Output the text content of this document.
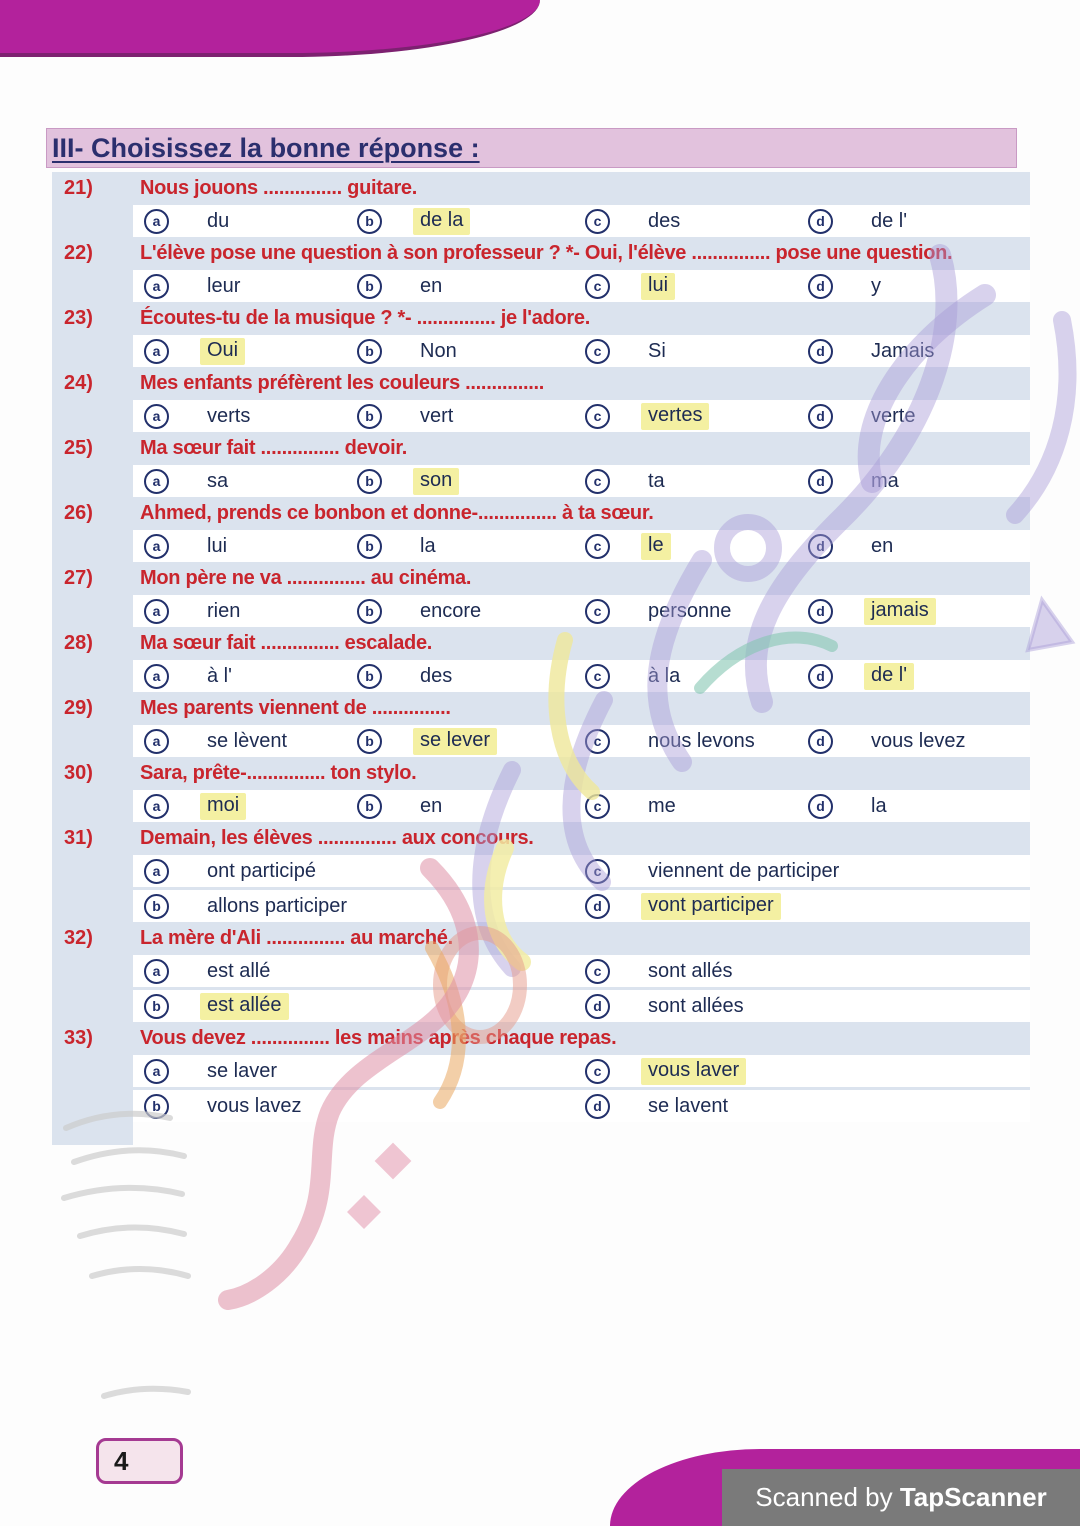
III- Choisissez la bonne réponse :
21)	Nous jouons ............... guitare.
a	du	b	de la	c	des	d	de l'
22)	L'élève pose une question à son professeur ? *- Oui, l'élève ............... pose une question.
a	leur	b	en	c	lui	d	y
23)	Écoutes-tu de la musique ? *- ............... je l'adore.
a	Oui	b	Non	c	Si	d	Jamais
24)	Mes enfants préfèrent les couleurs ...............
a	verts	b	vert	c	vertes	d	verte
25)	Ma sœur fait ............... devoir.
a	sa	b	son	c	ta	d	ma
26)	Ahmed, prends ce bonbon et donne-............... à ta sœur.
a	lui	b	la	c	le	d	en
27)	Mon père ne va ............... au cinéma.
a	rien	b	encore	c	personne	d	jamais
28)	Ma sœur fait ............... escalade.
a	à l'	b	des	c	à la	d	de l'
29)	Mes parents viennent de ...............
a	se lèvent	b	se lever	c	nous levons	d	vous levez
30)	Sara, prête-............... ton stylo.
a	moi	b	en	c	me	d	la
31)	Demain, les élèves ............... aux concours.
a	ont participé	c	viennent de participer
b	allons participer	d	vont participer
32)	La mère d'Ali ............... au marché.
a	est allé	c	sont allés
b	est allée	d	sont allées
33)	Vous devez ............... les mains après chaque repas.
a	se laver	c	vous laver
b	vous lavez	d	se lavent
4
Scanned by TapScanner
